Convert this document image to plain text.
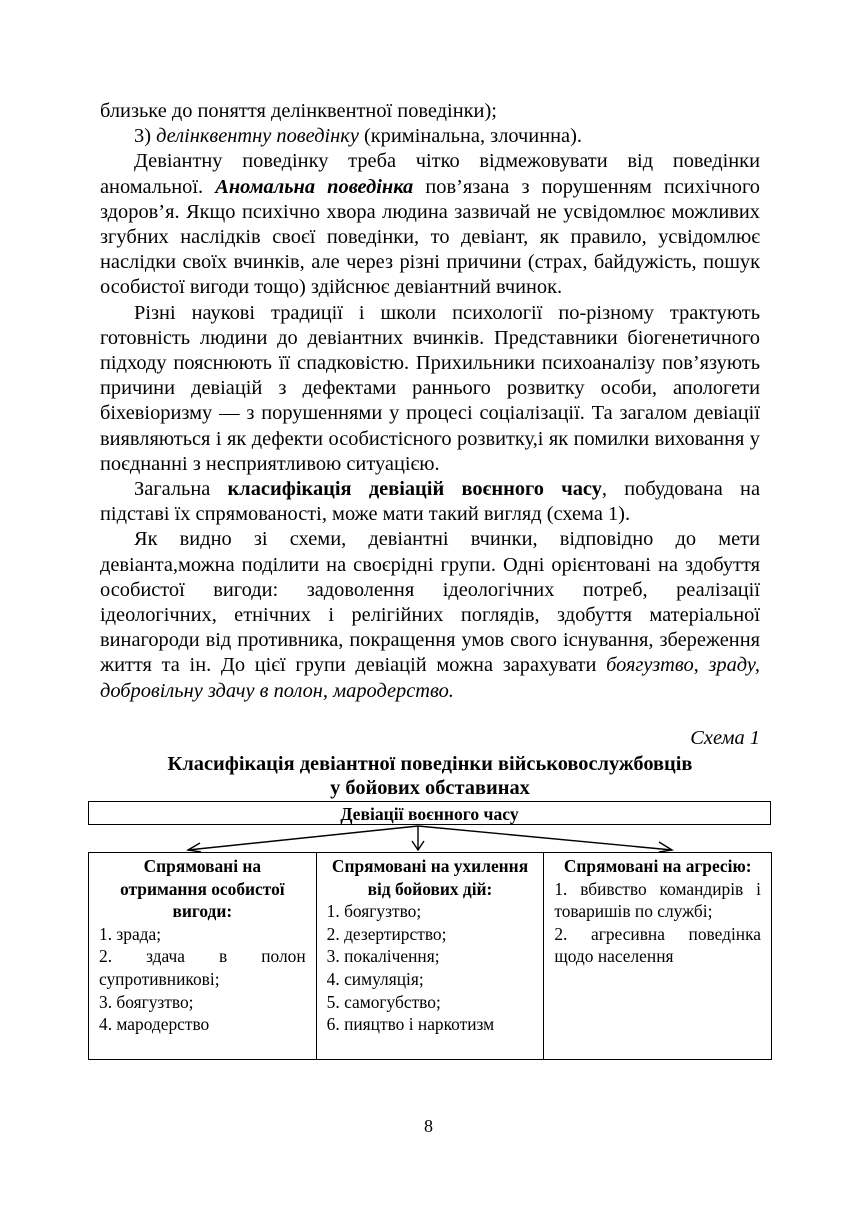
близьке до поняття делінквентної поведінки);

3) делінквентну поведінку (кримінальна, злочинна).

Девіантну поведінку треба чітко відмежовувати від поведінки аномальної. Аномальна поведінка пов’язана з порушенням психічного здоров’я. Якщо психічно хвора людина зазвичай не усвідомлює можливих згубних наслідків своєї поведінки, то девіант, як правило, усвідомлює наслідки своїх вчинків, але через різні причини (страх, байдужість, пошук особистої вигоди тощо) здійснює девіантний вчинок.

Різні наукові традиції і школи психології по-різному трактують готовність людини до девіантних вчинків. Представники біогенетичного підходу пояснюють її спадковістю. Прихильники психоаналізу пов’язують причини девіацій з дефектами раннього розвитку особи, апологети біхевіоризму — з порушеннями у процесі соціалізації. Та загалом девіації виявляються і як дефекти особистісного розвитку,і як помилки виховання у поєднанні з несприятливою ситуацією.

Загальна класифікація девіацій воєнного часу, побудована на підставі їх спрямованості, може мати такий вигляд (схема 1).

Як видно зі схеми, девіантні вчинки, відповідно до мети девіанта,можна поділити на своєрідні групи. Одні орієнтовані на здобуття особистої вигоди: задоволення ідеологічних потреб, реалізації ідеологічних, етнічних і релігійних поглядів, здобуття матеріальної винагороди від противника, покращення умов свого існування, збереження життя та ін. До цієї групи девіацій можна зарахувати боягузтво, зраду, добровільну здачу в полон, мародерство.

Схема 1
Класифікація девіантної поведінки військовослужбовців
у бойових обставинах
Девіації воєнного часу
Спрямовані на отримання особистої вигоди:
1. зрада;
2. здача в полон супротивникові;
3. боягузтво;
4. мародерство
Спрямовані на ухилення від бойових дій:
1. боягузтво;
2. дезертирство;
3. покалічення;
4. симуляція;
5. самогубство;
6. пияцтво і наркотизм
Спрямовані на агресію:
1. вбивство командирів і товаришів по службі;
2. агресивна поведінка щодо населення
8
